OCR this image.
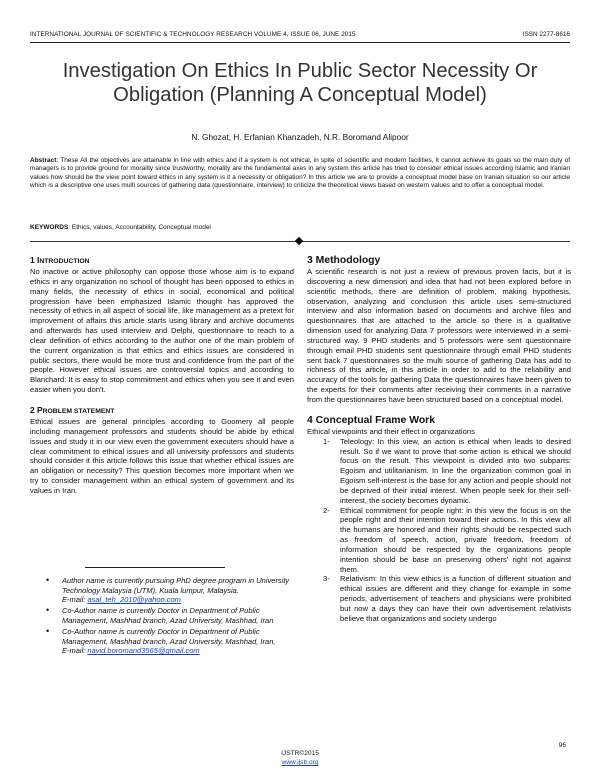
INTERNATIONAL JOURNAL OF SCIENTIFIC & TECHNOLOGY RESEARCH VOLUME 4, ISSUE 06, JUNE 2015	ISSN 2277-8616
Investigation On Ethics In Public Sector Necessity Or Obligation (Planning A Conceptual Model)
N. Ghozat, H. Erfanian Khanzadeh, N.R. Boromand Alipoor

Abstract: These All the objectives are attainable in line with ethics and if a system is not ethical, in spite of scientific and modern facilities, it cannot achieve its goals so the main duty of managers is to provide ground for morality since trustworthy, morality are the fundamental axes in any system this article has tried to consider ethical issues according Islamic and Iranian values how should be the view point toward ethics in any system is it a necessity or obligation? In this article we are to provide a conceptual model base on Iranian situation so our article which is a descriptive one uses multi sources of gathering data (questionnaire, interview) to criticize the theoretical views based on western values and to offer a conceptual model.

KEYWORDS: Ethics, values, Accountability, Conceptual model

1 INTRODUCTION

No inactive or active philosophy can oppose those whose aim is to expand ethics in any organization no school of thought has been opposed to ethics in many fields, the necessity of ethics in social, economical and political progression have been emphasized Islamic thought has approved the necessity of ethics in all aspect of social life, like management as a pretext for improvement of affairs this article starts using library and archive documents and afterwards has used interview and Delphi, questionnaire to reach to a clear definition of ethics according to the author one of the main problem of the current organization is that ethics and ethics issues are considered in public sectors, there would be more trust and confidence from the part of the people. However ethical issues are controversial topics and according to Blanchard: It is easy to stop commitment and ethics when you see it and even easier when you don't.

2 PROBLEM STATEMENT

Ethical issues are general principles according to Goomery all people including management professors and students should be abide by ethical issues and study it in our view even the government executers should have a clear commitment to ethical issues and all university professors and students should consider it this article follows this issue that whether ethical issues are an obligation or necessity? This question becomes more important when we try to consider management within an ethical system of government and its values in Iran.

• Author name is currently pursuing PhD degree program in University Technology Malaysia (UTM), Kuala lumpur, Malaysia.
E-mail: asal_teh_2010@yahoo.com
• Co-Author name is currently Doctor in Department of Public Management, Mashhad branch, Azad University, Mashhad, Iran
• Co-Author name is currently Doctor in Department of Public Management, Mashhad branch, Azad University, Mashhad, Iran,
E-mail: navid.boromand3565@gmail.com
3 Methodology

A scientific research is not just a review of previous proven facts, but it is discovering a new dimension and idea that had not been explored before in scientific methods, there are definition of problem, making hypothesis, observation, analyzing and conclusion this article uses semi-structured interview and also information based on documents and archive files and questionnaires that are attached to the article so there is a qualitative dimension used for analyzing Data 7 professors were interviewed in a semi-structured way. 9 PHD students and 5 professors were sent questionnaire through email PHD students sent questionnaire through email PHD students sent back 7 questionnaires so the multi source of gathering Data has add to richness of this article, in this article in order to add to the reliability and accuracy of the tools for gathering Data the questionnaires have been given to the experts for their comments after receiving their comments in a narrative from the questionnaires have been structured based on a conceptual model.

4 Conceptual Frame Work

Ethical viewpoints and their effect in organizations

1- Teleology: In this view, an action is ethical when leads to desired result. So if we want to prove that some action is ethical we should focus on the result. This viewpoint is divided into two subparts: Egoism and utilitarianism. In line the organization common goal in Egoism self-interest is the base for any action and people should not be deprived of their initial interest. When people seek for their self-interest, the society becomes dynamic.
2- Ethical commitment for people right: in this view the focus is on the people right and their intention toward their actions. In this view all the humans are honored and their rights should be respected such as freedom of speech, action, private freedom, freedom of information should be respected by the organizations people intention should be base on preserving others' right not against them.
3- Relativism: In this view ethics is a function of different situation and ethical issues are different and they change for example in some periods, advertisement of teachers and physicians were prohibited but now a days they can have their own advertisement relativists believe that organizations and society undergo
96
IJSTR©2015
www.ijstr.org
